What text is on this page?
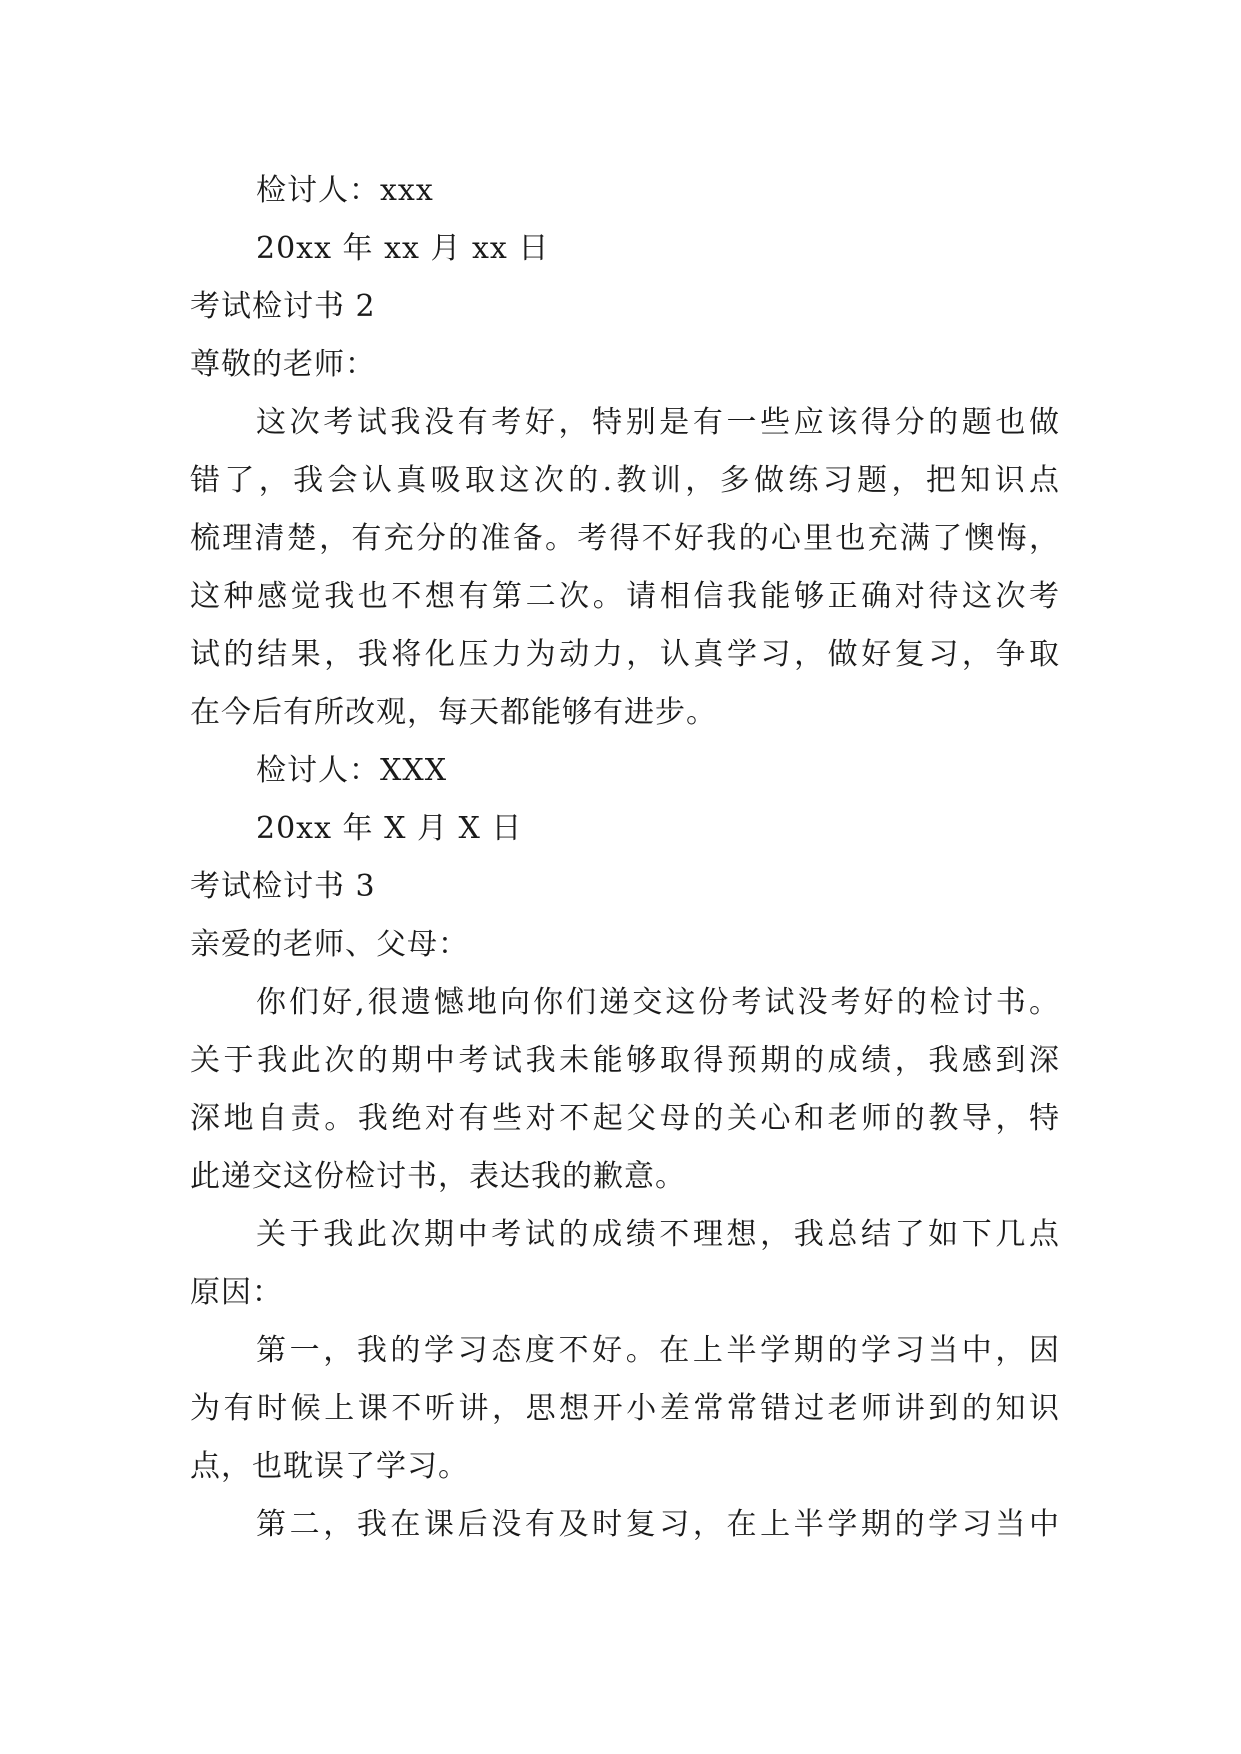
检讨人：xxx
20xx 年 xx 月 xx 日
考试检讨书 2
尊敬的老师：
这次考试我没有考好，特别是有一些应该得分的题也做
错了，我会认真吸取这次的.教训，多做练习题，把知识点
梳理清楚，有充分的准备。考得不好我的心里也充满了懊悔，
这种感觉我也不想有第二次。请相信我能够正确对待这次考
试的结果，我将化压力为动力，认真学习，做好复习，争取
在今后有所改观，每天都能够有进步。
检讨人：XXX
20xx 年 X 月 X 日
考试检讨书 3
亲爱的老师、父母：
你们好,很遗憾地向你们递交这份考试没考好的检讨书。
关于我此次的期中考试我未能够取得预期的成绩，我感到深
深地自责。我绝对有些对不起父母的关心和老师的教导，特
此递交这份检讨书，表达我的歉意。
关于我此次期中考试的成绩不理想，我总结了如下几点
原因：
第一，我的学习态度不好。在上半学期的学习当中，因
为有时候上课不听讲，思想开小差常常错过老师讲到的知识
点，也耽误了学习。
第二，我在课后没有及时复习，在上半学期的学习当中
